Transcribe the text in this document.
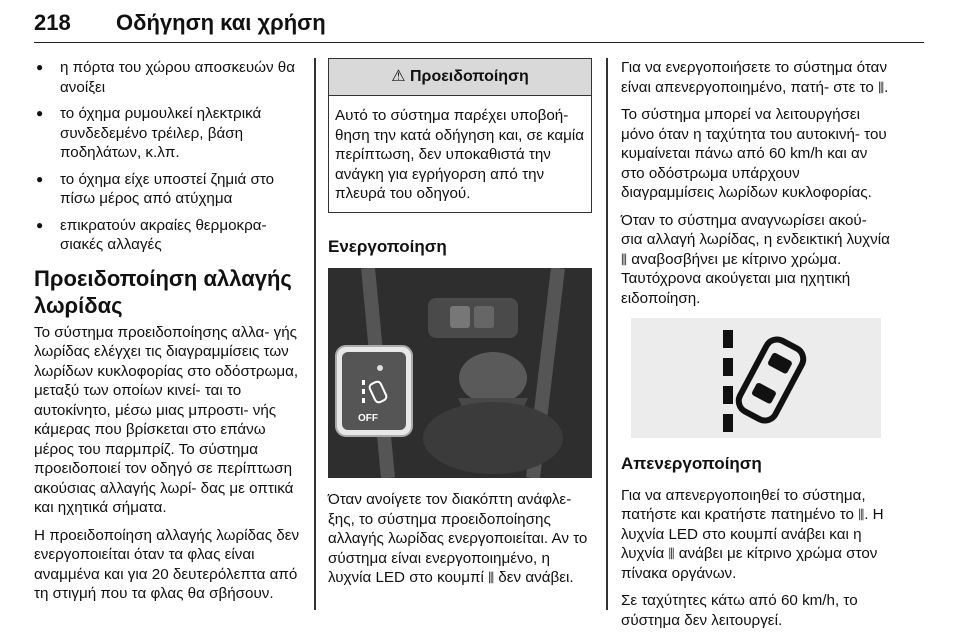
218 Οδήγηση και χρήση
● η πόρτα του χώρου αποσκευών θα ανοίξει
● το όχημα ρυμουλκεί ηλεκτρικά συνδεδεμένο τρέιλερ, βάση ποδηλάτων, κ.λπ.
● το όχημα είχε υποστεί ζημιά στο πίσω μέρος από ατύχημα
● επικρατούν ακραίες θερμοκρα- σιακές αλλαγές
Προειδοποίηση αλλαγής λωρίδας

Το σύστημα προειδοποίησης αλλα- γής λωρίδας ελέγχει τις διαγραμμίσεις των λωρίδων κυκλοφορίας στο οδόστρωμα, μεταξύ των οποίων κινεί- ται το αυτοκίνητο, μέσω μιας μπροστι- νής κάμερας που βρίσκεται στο επάνω μέρος του παρμπρίζ. Το σύστημα προειδοποιεί τον οδηγό σε περίπτωση ακούσιας αλλαγής λωρί- δας με οπτικά και ηχητικά σήματα.

Η προειδοποίηση αλλαγής λωρίδας δεν ενεργοποιείται όταν τα φλας είναι αναμμένα και για 20 δευτερόλεπτα από τη στιγμή που τα φλας θα σβήσουν.

⚠ Προειδοποίηση
Αυτό το σύστημα παρέχει υποβοή- θηση την κατά οδήγηση και, σε καμία περίπτωση, δεν υποκαθιστά την ανάγκη για εγρήγορση από την πλευρά του οδηγού.
Ενεργοποίηση
OFF

Όταν ανοίγετε τον διακόπτη ανάφλε- ξης, το σύστημα προειδοποίησης αλλαγής λωρίδας ενεργοποιείται. Αν το σύστημα είναι ενεργοποιημένο, η λυχνία LED στο κουμπί ⫼ δεν ανάβει.

Για να ενεργοποιήσετε το σύστημα όταν είναι απενεργοποιημένο, πατή- στε το ⫼.

Το σύστημα μπορεί να λειτουργήσει μόνο όταν η ταχύτητα του αυτοκινή- του κυμαίνεται πάνω από 60 km/h και αν στο οδόστρωμα υπάρχουν διαγραμμίσεις λωρίδων κυκλοφορίας.

Όταν το σύστημα αναγνωρίσει ακού- σια αλλαγή λωρίδας, η ενδεικτική λυχνία ⫼ αναβοσβήνει με κίτρινο χρώμα. Ταυτόχρονα ακούγεται μια ηχητική ειδοποίηση.

Απενεργοποίηση

Για να απενεργοποιηθεί το σύστημα, πατήστε και κρατήστε πατημένο το ⫼. Η λυχνία LED στο κουμπί ανάβει και η λυχνία ⫼ ανάβει με κίτρινο χρώμα στον πίνακα οργάνων.

Σε ταχύτητες κάτω από 60 km/h, το σύστημα δεν λειτουργεί.
